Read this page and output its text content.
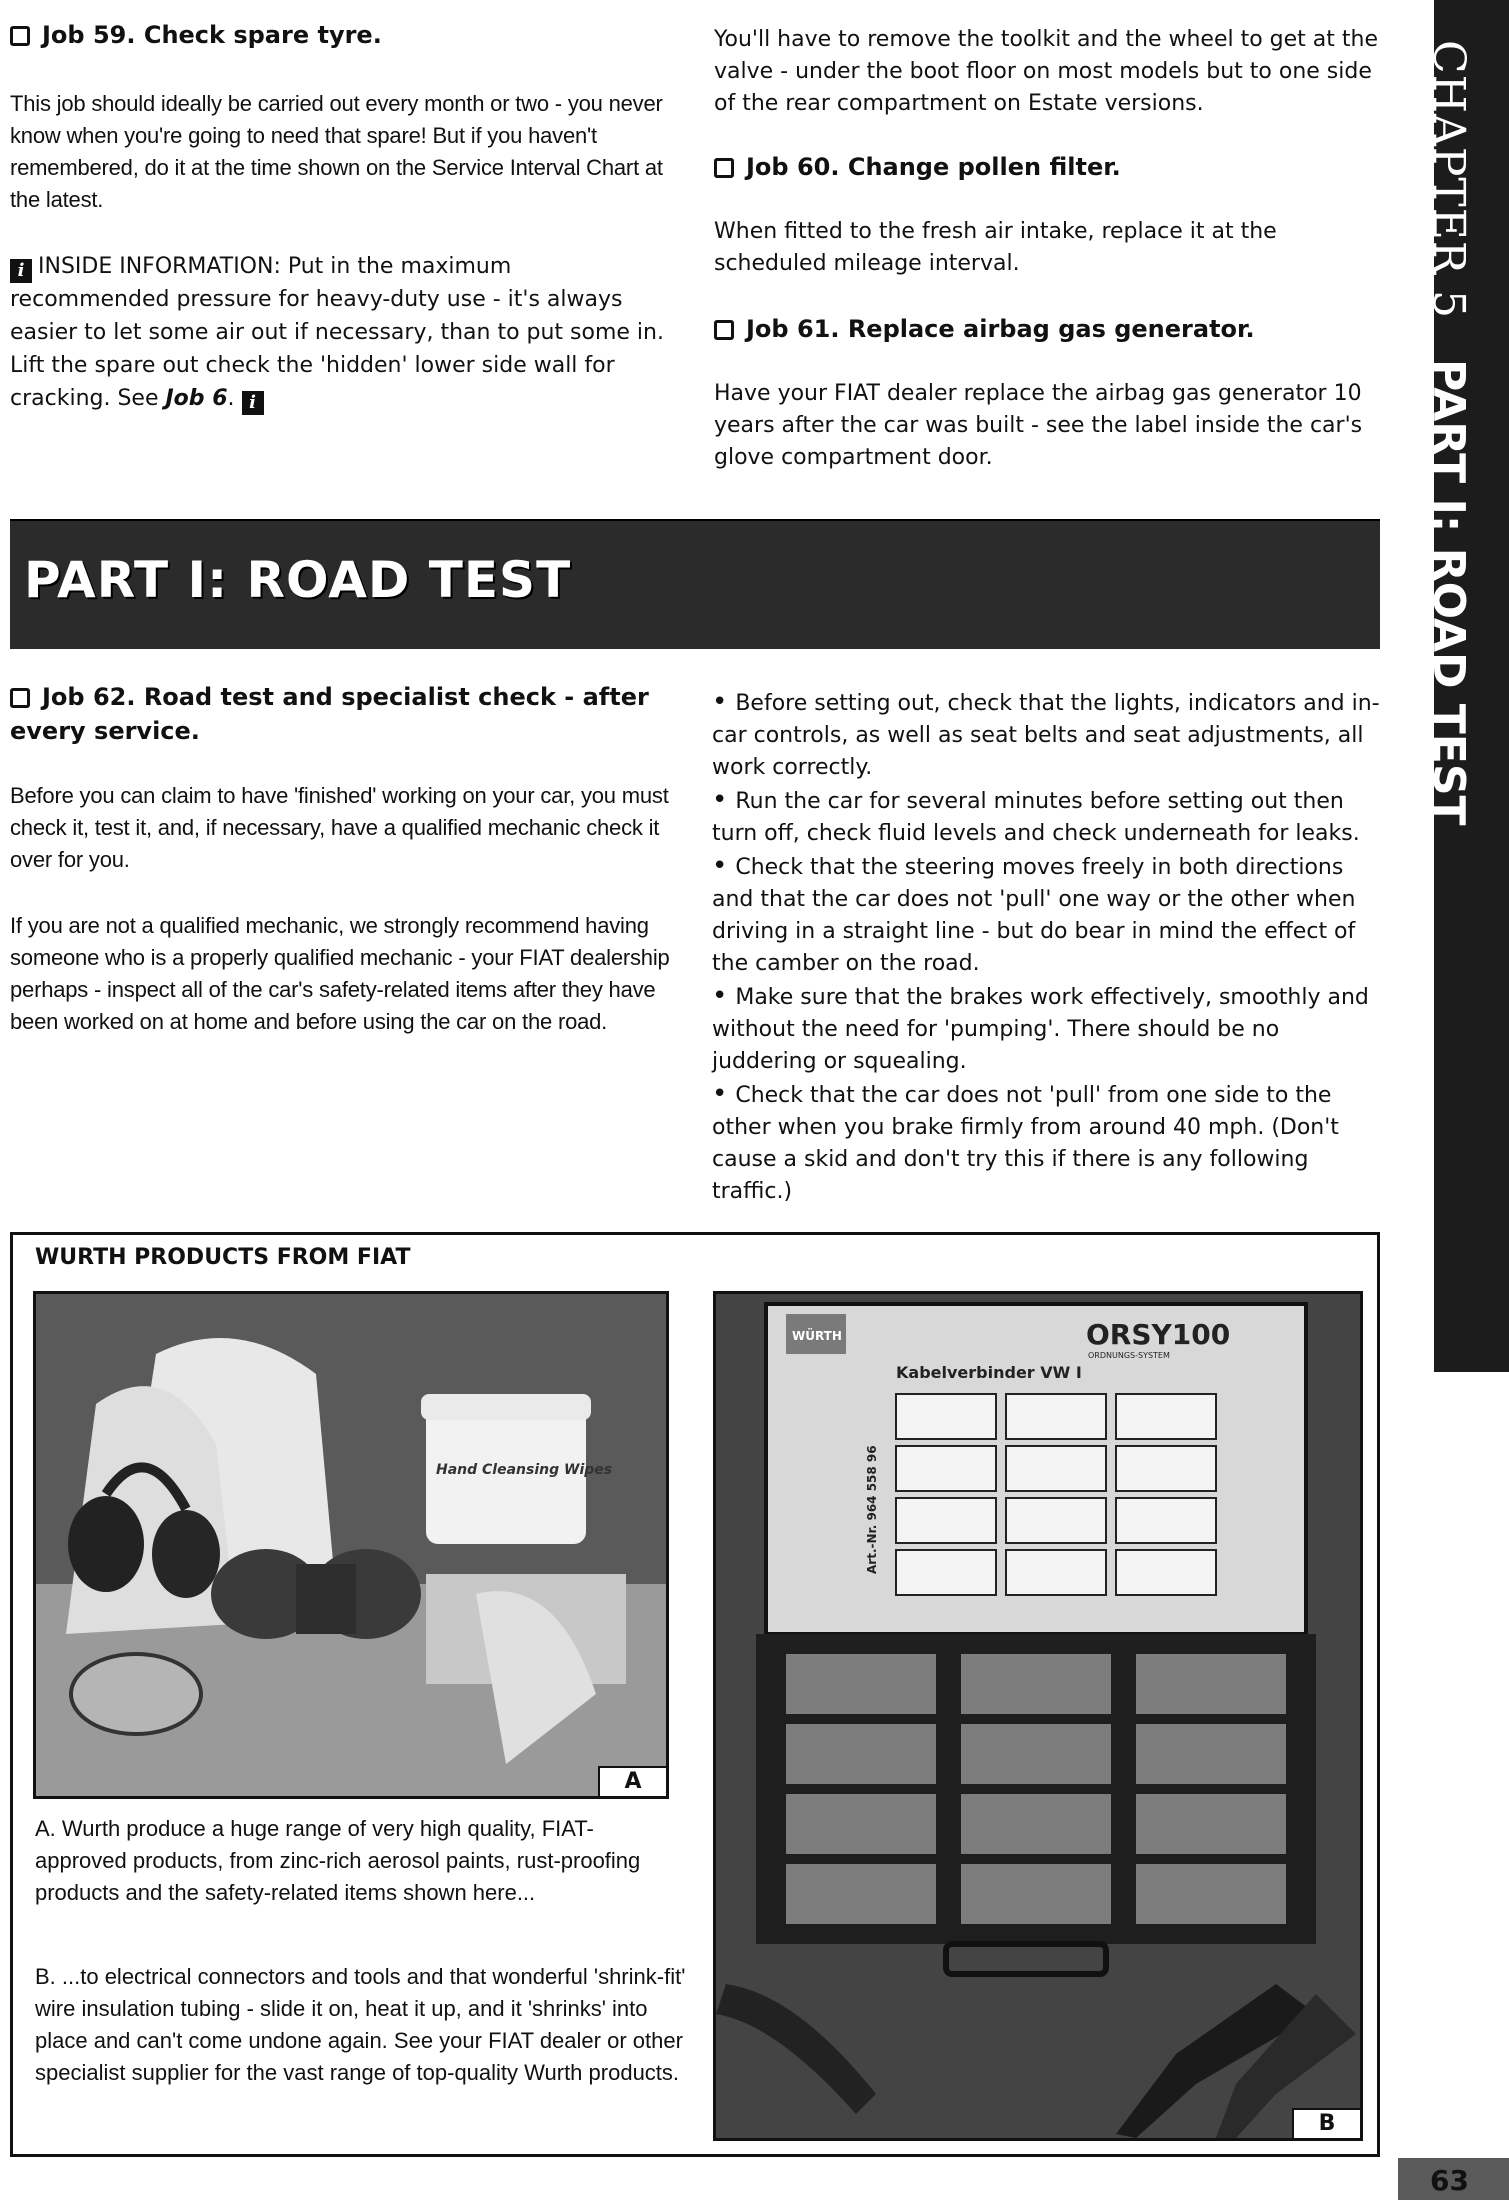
Job 59. Check spare tyre.

This job should ideally be carried out every month or two - you never know when you're going to need that spare! But if you haven't remembered, do it at the time shown on the Service Interval Chart at the latest.

i INSIDE INFORMATION: Put in the maximum recommended pressure for heavy-duty use - it's always easier to let some air out if necessary, than to put some in. Lift the spare out check the 'hidden' lower side wall for cracking. See Job 6. i

You'll have to remove the toolkit and the wheel to get at the valve - under the boot floor on most models but to one side of the rear compartment on Estate versions.

Job 60. Change pollen filter.

When fitted to the fresh air intake, replace it at the scheduled mileage interval.

Job 61. Replace airbag gas generator.

Have your FIAT dealer replace the airbag gas generator 10 years after the car was built - see the label inside the car's glove compartment door.

PART I: ROAD TEST
CHAPTER 5PART I: ROAD TEST

Job 62. Road test and specialist check - after every service.

Before you can claim to have 'finished' working on your car, you must check it, test it, and, if necessary, have a qualified mechanic check it over for you.

If you are not a qualified mechanic, we strongly recommend having someone who is a properly qualified mechanic - your FIAT dealership perhaps - inspect all of the car's safety-related items after they have been worked on at home and before using the car on the road.

• Before setting out, check that the lights, indicators and in-car controls, as well as seat belts and seat adjustments, all work correctly.
• Run the car for several minutes before setting out then turn off, check fluid levels and check underneath for leaks.
• Check that the steering moves freely in both directions and that the car does not 'pull' one way or the other when driving in a straight line - but do bear in mind the effect of the camber on the road.
• Make sure that the brakes work effectively, smoothly and without the need for 'pumping'. There should be no juddering or squealing.
• Check that the car does not 'pull' from one side to the other when you brake firmly from around 40 mph. (Don't cause a skid and don't try this if there is any following traffic.)
WURTH PRODUCTS FROM FIAT
Hand Cleansing Wipes
A
WÜRTH	ORSY100
ORDNUNGS-SYSTEM
Kabelverbinder VW I
Art.-Nr. 964 558 96
B
A. Wurth produce a huge range of very high quality, FIAT-approved products, from zinc-rich aerosol paints, rust-proofing products and the safety-related items shown here...
B. ...to electrical connectors and tools and that wonderful 'shrink-fit' wire insulation tubing - slide it on, heat it up, and it 'shrinks' into place and can't come undone again. See your FIAT dealer or other specialist supplier for the vast range of top-quality Wurth products.
63
